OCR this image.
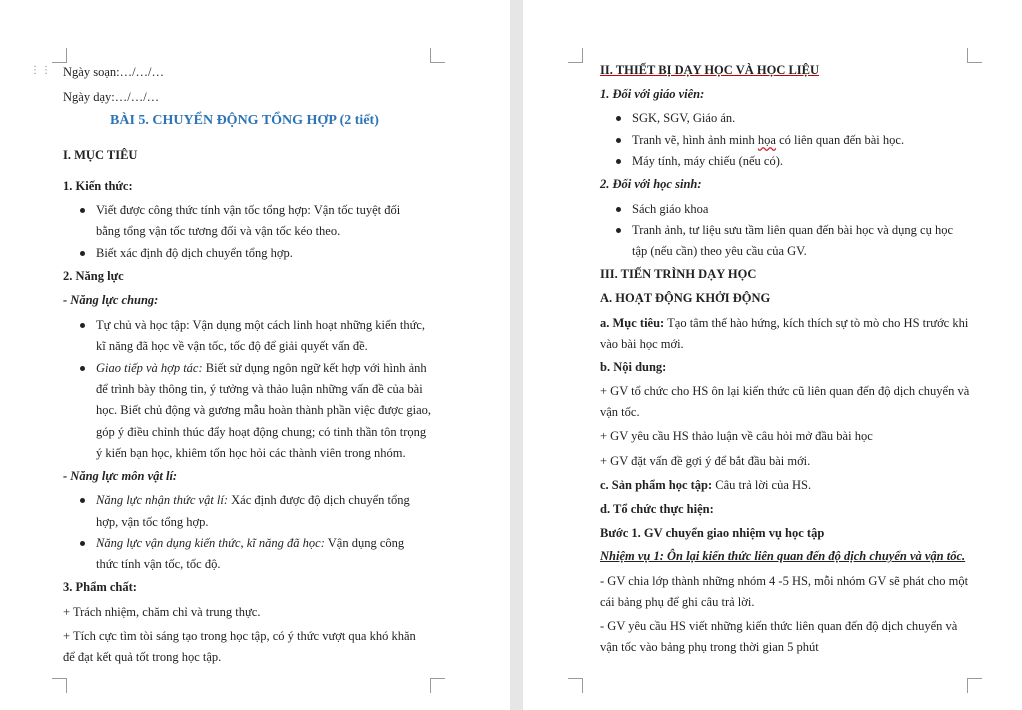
⋮⋮ Ngày soạn:…/…/…
Ngày dạy:…/…/…
BÀI 5. CHUYỂN ĐỘNG TỔNG HỢP (2 tiết)
I. MỤC TIÊU
1. Kiến thức:
Viết được công thức tính vận tốc tổng hợp: Vận tốc tuyệt đối
bằng tổng vận tốc tương đối và vận tốc kéo theo.
Biết xác định độ dịch chuyển tổng hợp.
2. Năng lực
- Năng lực chung:
Tự chủ và học tập: Vận dụng một cách linh hoạt những kiến thức,
kĩ năng đã học về vận tốc, tốc độ để giải quyết vấn đề.
Giao tiếp và hợp tác: Biết sử dụng ngôn ngữ kết hợp với hình ảnh
để trình bày thông tin, ý tưởng và thảo luận những vấn đề của bài
học. Biết chủ động và gương mẫu hoàn thành phần việc được giao,
góp ý điều chỉnh thúc đẩy hoạt động chung; có tinh thần tôn trọng
ý kiến bạn học, khiêm tốn học hỏi các thành viên trong nhóm.
- Năng lực môn vật lí:
Năng lực nhận thức vật lí: Xác định được độ dịch chuyển tổng
hợp, vận tốc tổng hợp.
Năng lực vận dụng kiến thức, kĩ năng đã học: Vận dụng công
thức tính vận tốc, tốc độ.
3. Phẩm chất:
+ Trách nhiệm, chăm chỉ và trung thực.
+ Tích cực tìm tòi sáng tạo trong học tập, có ý thức vượt qua khó khăn
để đạt kết quả tốt trong học tập.
II. THIẾT BỊ DẠY HỌC VÀ HỌC LIỆU
1. Đối với giáo viên:
SGK, SGV, Giáo án.
Tranh vẽ, hình ảnh minh họa có liên quan đến bài học.
Máy tính, máy chiếu (nếu có).
2. Đối với học sinh:
Sách giáo khoa
Tranh ảnh, tư liệu sưu tầm liên quan đến bài học và dụng cụ học
tập (nếu cần) theo yêu cầu của GV.
III. TIẾN TRÌNH DẠY HỌC
A. HOẠT ĐỘNG KHỞI ĐỘNG
a. Mục tiêu: Tạo tâm thế hào hứng, kích thích sự tò mò cho HS trước khi
vào bài học mới.
b. Nội dung:
+ GV tổ chức cho HS ôn lại kiến thức cũ liên quan đến độ dịch chuyển và
vận tốc.
+ GV yêu cầu HS thảo luận về câu hỏi mở đầu bài học
+ GV đặt vấn đề gợi ý để bắt đầu bài mới.
c. Sản phẩm học tập: Câu trả lời của HS.
d. Tổ chức thực hiện:
Bước 1. GV chuyển giao nhiệm vụ học tập
Nhiệm vụ 1: Ôn lại kiến thức liên quan đến độ dịch chuyển và vận tốc.
- GV chia lớp thành những nhóm 4 -5 HS, mỗi nhóm GV sẽ phát cho một
cái bảng phụ để ghi câu trả lời.
- GV yêu cầu HS viết những kiến thức liên quan đến độ dịch chuyển và
vận tốc vào bảng phụ trong thời gian 5 phút
